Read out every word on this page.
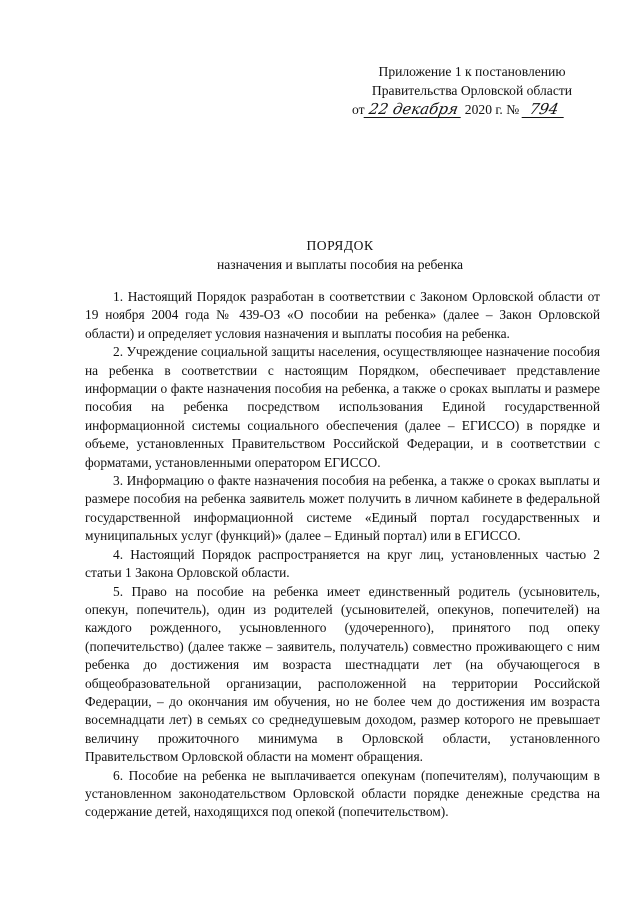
Приложение 1 к постановлению
Правительства Орловской области
от 22 декабря 2020 г. № 794
ПОРЯДОК
назначения и выплаты пособия на ребенка

1. Настоящий Порядок разработан в соответствии с Законом Орловской области от 19 ноября 2004 года № 439-ОЗ «О пособии на ребенка» (далее – Закон Орловской области) и определяет условия назначения и выплаты пособия на ребенка.

2. Учреждение социальной защиты населения, осуществляющее назначение пособия на ребенка в соответствии с настоящим Порядком, обеспечивает представление информации о факте назначения пособия на ребенка, а также о сроках выплаты и размере пособия на ребенка посредством использования Единой государственной информационной системы социального обеспечения (далее – ЕГИССО) в порядке и объеме, установленных Правительством Российской Федерации, и в соответствии с форматами, установленными оператором ЕГИССО.

3. Информацию о факте назначения пособия на ребенка, а также о сроках выплаты и размере пособия на ребенка заявитель может получить в личном кабинете в федеральной государственной информационной системе «Единый портал государственных и муниципальных услуг (функций)» (далее – Единый портал) или в ЕГИССО.

4. Настоящий Порядок распространяется на круг лиц, установленных частью 2 статьи 1 Закона Орловской области.

5. Право на пособие на ребенка имеет единственный родитель (усыновитель, опекун, попечитель), один из родителей (усыновителей, опекунов, попечителей) на каждого рожденного, усыновленного (удочеренного), принятого под опеку (попечительство) (далее также – заявитель, получатель) совместно проживающего с ним ребенка до достижения им возраста шестнадцати лет (на обучающегося в общеобразовательной организации, расположенной на территории Российской Федерации, – до окончания им обучения, но не более чем до достижения им возраста восемнадцати лет) в семьях со среднедушевым доходом, размер которого не превышает величину прожиточного минимума в Орловской области, установленного Правительством Орловской области на момент обращения.

6. Пособие на ребенка не выплачивается опекунам (попечителям), получающим в установленном законодательством Орловской области порядке денежные средства на содержание детей, находящихся под опекой (попечительством).
